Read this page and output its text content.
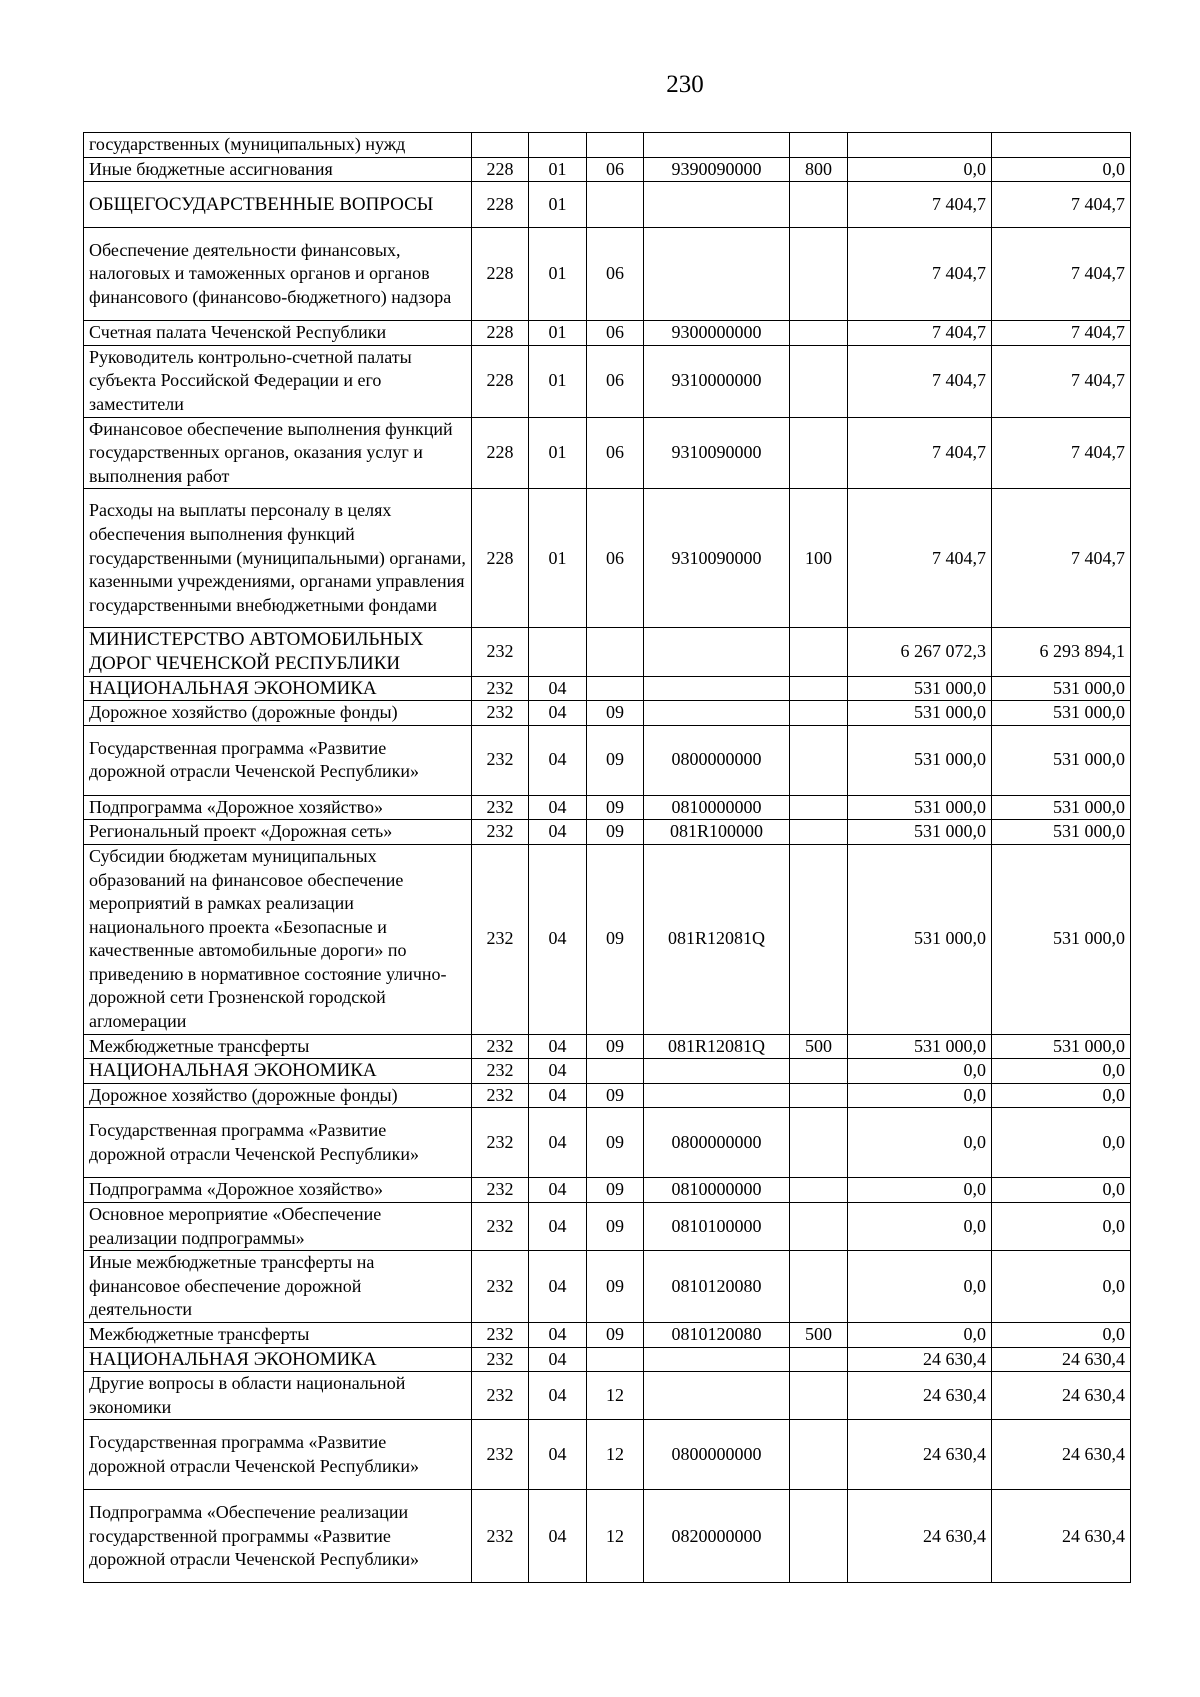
230
государственных (муниципальных) нужд							
Иные бюджетные ассигнования	228	01	06	9390090000	800	0,0	0,0
ОБЩЕГОСУДАРСТВЕННЫЕ ВОПРОСЫ	228	01				7 404,7	7 404,7
Обеспечение деятельности финансовых, налоговых и таможенных органов и органов финансового (финансово-бюджетного) надзора	228	01	06			7 404,7	7 404,7
Счетная палата Чеченской Республики	228	01	06	9300000000		7 404,7	7 404,7
Руководитель контрольно-счетной палаты субъекта Российской Федерации и его заместители	228	01	06	9310000000		7 404,7	7 404,7
Финансовое обеспечение выполнения функций государственных органов, оказания услуг и выполнения работ	228	01	06	9310090000		7 404,7	7 404,7
Расходы на выплаты персоналу в целях обеспечения выполнения функций государственными (муниципальными) органами, казенными учреждениями, органами управления государственными внебюджетными фондами	228	01	06	9310090000	100	7 404,7	7 404,7
МИНИСТЕРСТВО АВТОМОБИЛЬНЫХ ДОРОГ ЧЕЧЕНСКОЙ РЕСПУБЛИКИ	232					6 267 072,3	6 293 894,1
НАЦИОНАЛЬНАЯ ЭКОНОМИКА	232	04				531 000,0	531 000,0
Дорожное хозяйство (дорожные фонды)	232	04	09			531 000,0	531 000,0
Государственная программа «Развитие дорожной отрасли Чеченской Республики»	232	04	09	0800000000		531 000,0	531 000,0
Подпрограмма «Дорожное хозяйство»	232	04	09	0810000000		531 000,0	531 000,0
Региональный проект «Дорожная сеть»	232	04	09	081R100000		531 000,0	531 000,0
Субсидии бюджетам муниципальных образований на финансовое обеспечение мероприятий в рамках реализации национального проекта «Безопасные и качественные автомобильные дороги» по приведению в нормативное состояние улично-дорожной сети Грозненской городской агломерации	232	04	09	081R12081Q		531 000,0	531 000,0
Межбюджетные трансферты	232	04	09	081R12081Q	500	531 000,0	531 000,0
НАЦИОНАЛЬНАЯ ЭКОНОМИКА	232	04				0,0	0,0
Дорожное хозяйство (дорожные фонды)	232	04	09			0,0	0,0
Государственная программа «Развитие дорожной отрасли Чеченской Республики»	232	04	09	0800000000		0,0	0,0
Подпрограмма «Дорожное хозяйство»	232	04	09	0810000000		0,0	0,0
Основное мероприятие «Обеспечение реализации подпрограммы»	232	04	09	0810100000		0,0	0,0
Иные межбюджетные трансферты на финансовое обеспечение дорожной деятельности	232	04	09	0810120080		0,0	0,0
Межбюджетные трансферты	232	04	09	0810120080	500	0,0	0,0
НАЦИОНАЛЬНАЯ ЭКОНОМИКА	232	04				24 630,4	24 630,4
Другие вопросы в области национальной экономики	232	04	12			24 630,4	24 630,4
Государственная программа «Развитие дорожной отрасли Чеченской Республики»	232	04	12	0800000000		24 630,4	24 630,4
Подпрограмма «Обеспечение реализации государственной программы «Развитие дорожной отрасли Чеченской Республики»	232	04	12	0820000000		24 630,4	24 630,4
